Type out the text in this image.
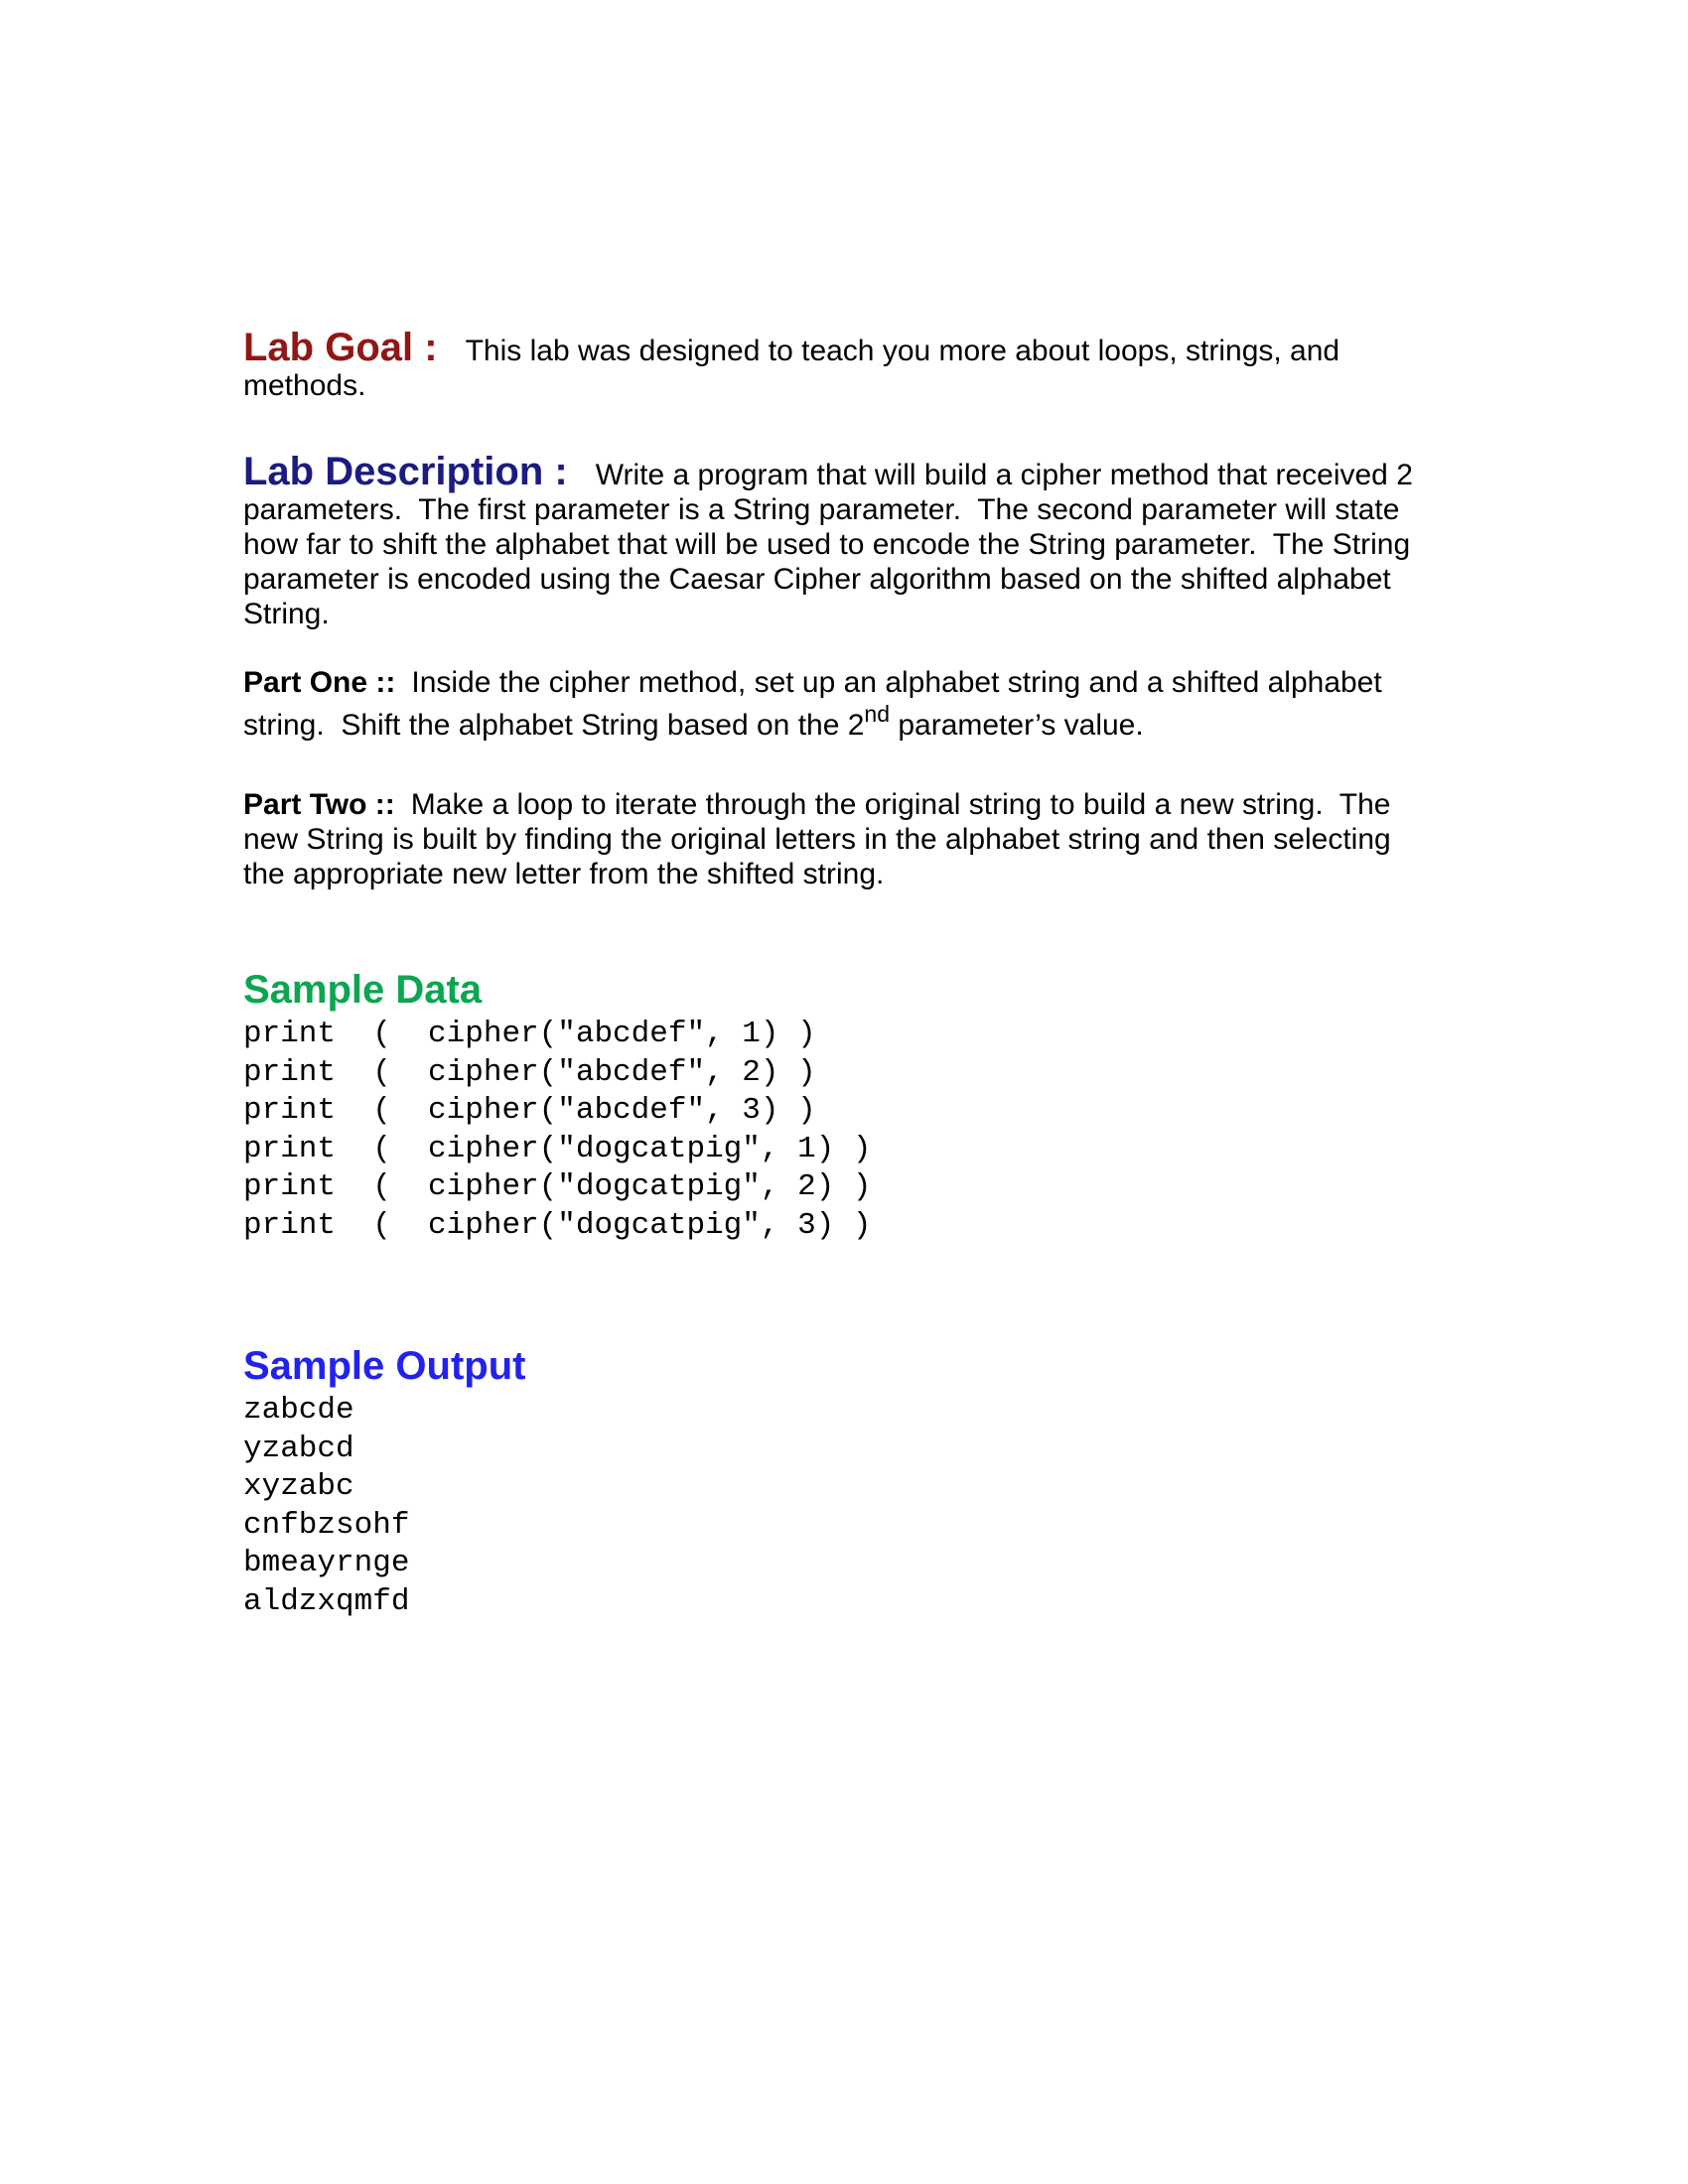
Lab Goal : This lab was designed to teach you more about loops, strings, and
methods.
Lab Description : Write a program that will build a cipher method that received 2
parameters.  The first parameter is a String parameter.  The second parameter will state
how far to shift the alphabet that will be used to encode the String parameter.  The String
parameter is encoded using the Caesar Cipher algorithm based on the shifted alphabet
String.
Part One :: Inside the cipher method, set up an alphabet string and a shifted alphabet
string.  Shift the alphabet String based on the 2nd parameter’s value.
Part Two :: Make a loop to iterate through the original string to build a new string.  The
new String is built by finding the original letters in the alphabet string and then selecting
the appropriate new letter from the shifted string.
Sample Data
print  (  cipher("abcdef", 1) )
print  (  cipher("abcdef", 2) )
print  (  cipher("abcdef", 3) )
print  (  cipher("dogcatpig", 1) )
print  (  cipher("dogcatpig", 2) )
print  (  cipher("dogcatpig", 3) )
Sample Output
zabcde
yzabcd
xyzabc
cnfbzsohf
bmeayrnge
aldzxqmfd
